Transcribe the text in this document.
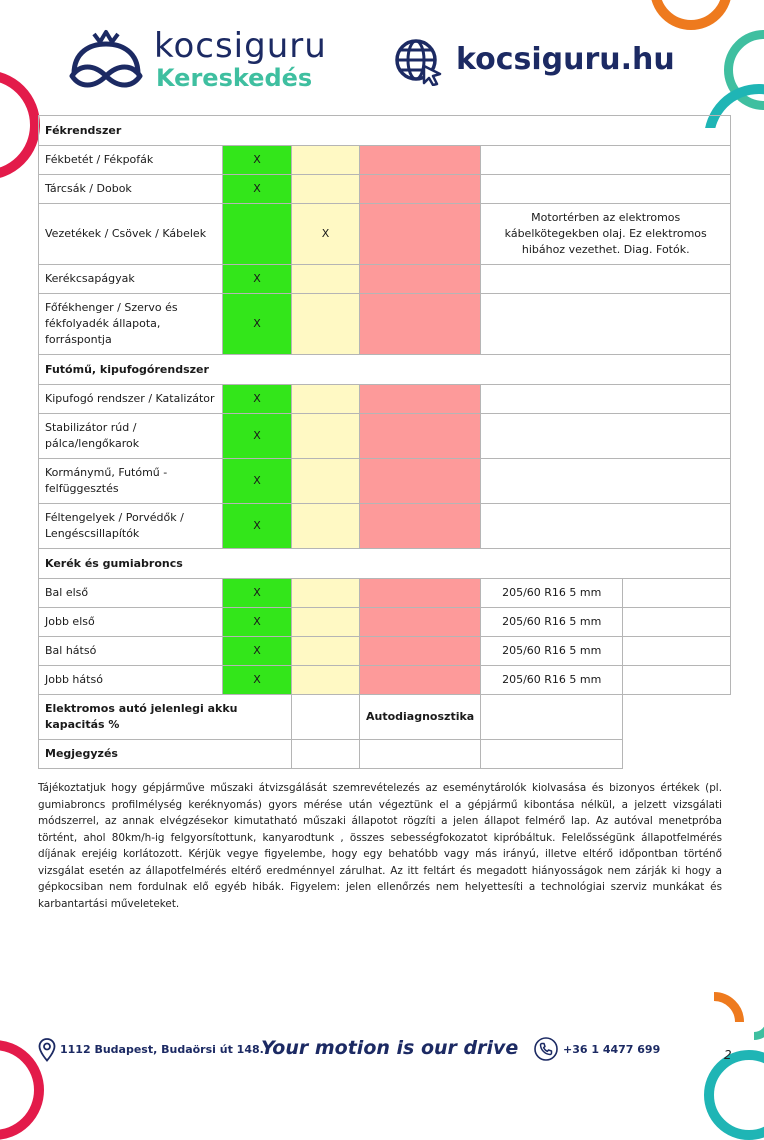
kocsiguru
Kereskedés
kocsiguru.hu
Fékrendszer					
Fékbetét / Fékpofák	X				
Tárcsák / Dobok	X				
Vezetékek / Csövek / Kábelek		X		Motortérben az elektromos kábelkötegekben olaj. Ez elektromos hibához vezethet. Diag. Fotók.	
Kerékcsapágyak	X				
Főfékhenger / Szervo és fékfolyadék állapota, forráspontja	X				
Futómű, kipufogórendszer					
Kipufogó rendszer / Katalizátor	X				
Stabilizátor rúd / pálca/lengőkarok	X				
Kormánymű, Futómű - felfüggesztés	X				
Féltengelyek / Porvédők / Lengéscsillapítók	X				
Kerék és gumiabroncs					
Bal első	X			205/60 R16 5 mm	
Jobb első	X			205/60 R16 5 mm	
Bal hátsó	X			205/60 R16 5 mm	
Jobb hátsó	X			205/60 R16 5 mm	
Elektromos autó jelenlegi akku kapacitás %			Autodiagnosztika		
Megjegyzés					
Tájékoztatjuk hogy gépjárműve műszaki átvizsgálását szemrevételezés az eseménytárolók kiolvasása és bizonyos értékek (pl. gumiabroncs profilmélység keréknyomás) gyors mérése után végeztünk el a gépjármű kibontása nélkül, a jelzett vizsgálati módszerrel, az annak elvégzésekor kimutatható műszaki állapotot rögzíti a jelen állapot felmérő lap. Az autóval menetpróba történt, ahol 80km/h-ig felgyorsítottunk, kanyarodtunk , összes sebességfokozatot kipróbáltuk. Felelősségünk állapotfelmérés díjának erejéig korlátozott. Kérjük vegye figyelembe, hogy egy behatóbb vagy más irányú, illetve eltérő időpontban történő vizsgálat esetén az állapotfelmérés eltérő eredménnyel zárulhat. Az itt feltárt és megadott hiányosságok nem zárják ki hogy a gépkocsiban nem fordulnak elő egyéb hibák. Figyelem: jelen ellenőrzés nem helyettesíti a technológiai szerviz munkákat és karbantartási műveleteket.
1112 Budapest, Budaörsi út 148.
Your motion is our drive	+36 1 4477 699	2
